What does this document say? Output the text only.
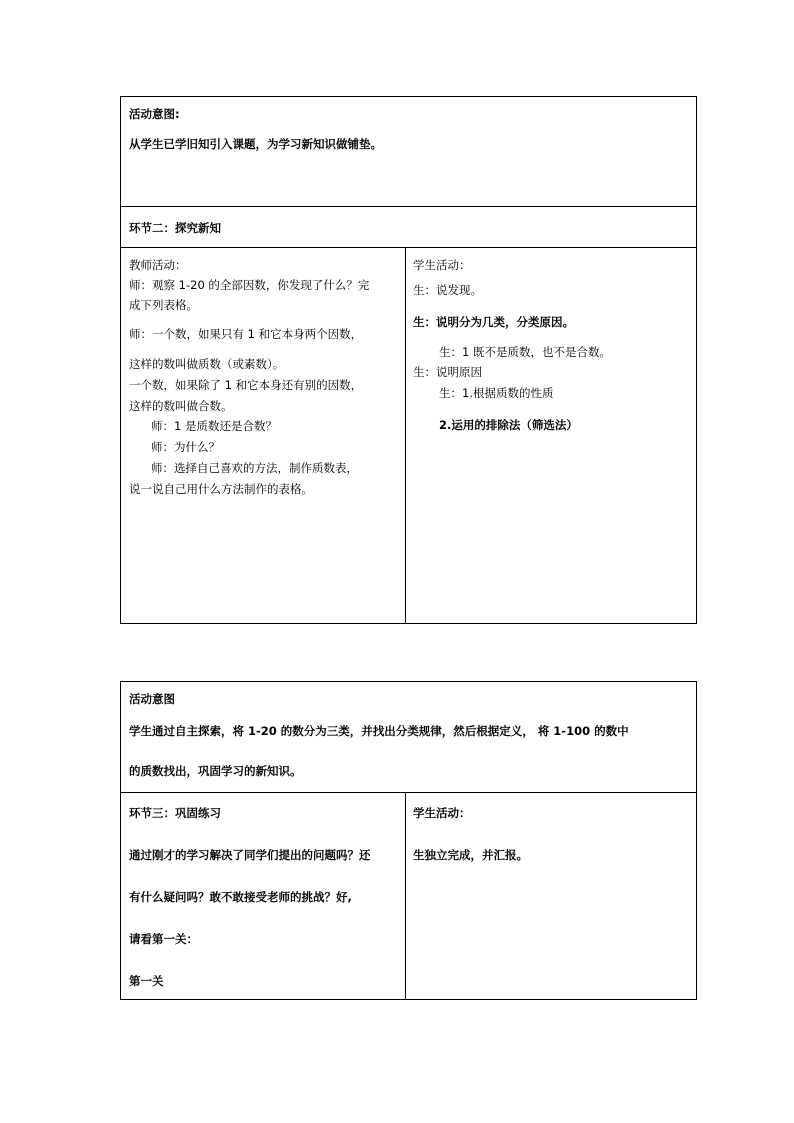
活动意图:
从学生已学旧知引入课题，为学习新知识做铺垫。
环节二：探究新知
教师活动：
师：观察 1-20 的全部因数，你发现了什么？完
成下列表格。
师：一个数，如果只有 1 和它本身两个因数，
这样的数叫做质数（或素数）。
一个数，如果除了 1 和它本身还有别的因数，
这样的数叫做合数。
师：1 是质数还是合数？
师：为什么？
师：选择自己喜欢的方法，制作质数表，
说一说自己用什么方法制作的表格。
学生活动：
生：说发现。
生：说明分为几类，分类原因。
生：1 既不是质数，也不是合数。
生：说明原因
生：1.根据质数的性质
2.运用的排除法（筛选法）
活动意图
学生通过自主探索，将 1-20 的数分为三类，并找出分类规律，然后根据定义， 将 1-100 的数中
的质数找出，巩固学习的新知识。
环节三：巩固练习
通过刚才的学习解决了同学们提出的问题吗？还
有什么疑问吗？敢不敢接受老师的挑战？好,
请看第一关：
第一关
学生活动：
生独立完成，并汇报。
